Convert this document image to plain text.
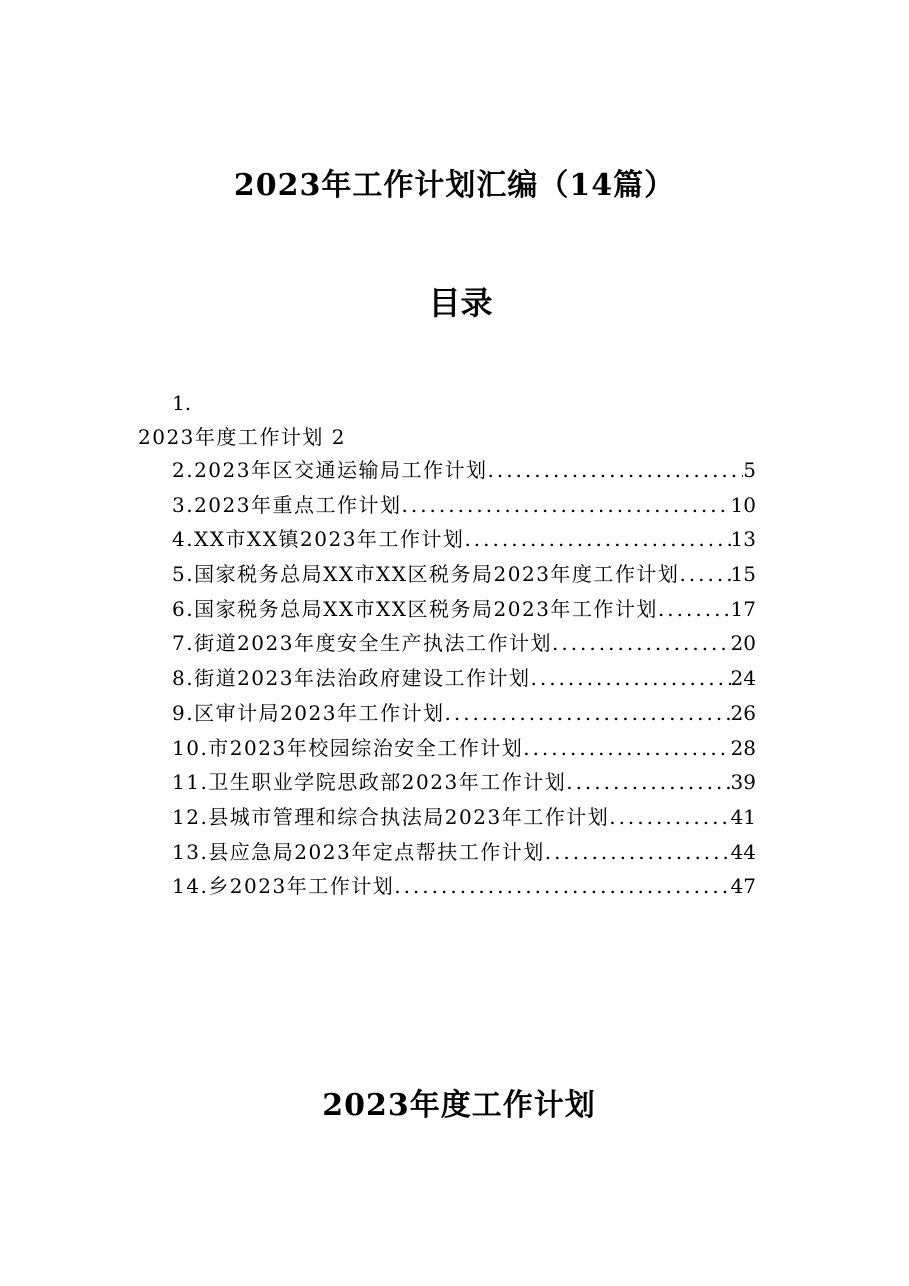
2023年工作计划汇编（14篇）
目录
1.
2023年度工作计划 2
2.2023年区交通运输局工作计划 .....	5
3.2023年重点工作计划 .....	10
4.XX市XX镇2023年工作计划 .....	13
5.国家税务总局XX市XX区税务局2023年度工作计划 .....	15
6.国家税务总局XX市XX区税务局2023年工作计划 .....	17
7.街道2023年度安全生产执法工作计划 .....	20
8.街道2023年法治政府建设工作计划 .....	24
9.区审计局2023年工作计划 .....	26
10.市2023年校园综治安全工作计划 .....	28
11.卫生职业学院思政部2023年工作计划 .....	39
12.县城市管理和综合执法局2023年工作计划 .....	41
13.县应急局2023年定点帮扶工作计划 .....	44
14.乡2023年工作计划 .....	47
2023年度工作计划
